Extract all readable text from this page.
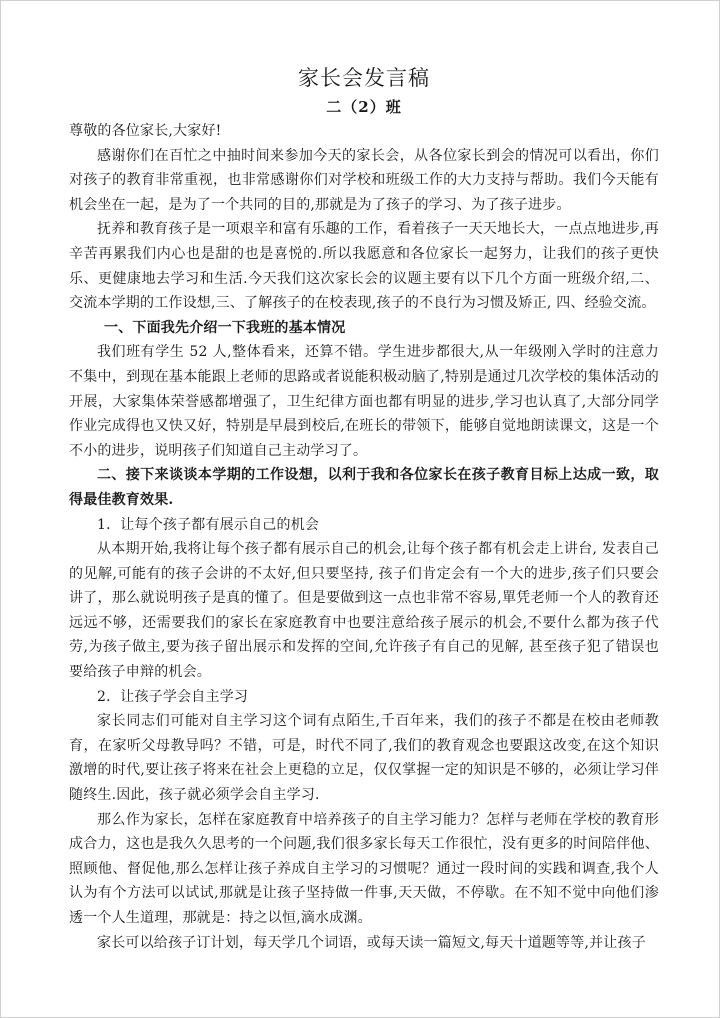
家长会发言稿

二（2）班

尊敬的各位家长,大家好!

感谢你们在百忙之中抽时间来参加今天的家长会，从各位家长到会的情况可以看出，你们对孩子的教育非常重视，也非常感谢你们对学校和班级工作的大力支持与帮助。我们今天能有机会坐在一起，是为了一个共同的目的,那就是为了孩子的学习、为了孩子进步。

抚养和教育孩子是一项艰辛和富有乐趣的工作，看着孩子一天天地长大，一点点地进步,再辛苦再累我们内心也是甜的也是喜悦的.所以我愿意和各位家长一起努力，让我们的孩子更快乐、更健康地去学习和生活.今天我们这次家长会的议题主要有以下几个方面一班级介绍,二、交流本学期的工作设想,三、了解孩子的在校表现,孩子的不良行为习惯及矫正, 四、经验交流。

一、下面我先介绍一下我班的基本情况

我们班有学生 52 人,整体看来，还算不错。学生进步都很大,从一年级刚入学时的注意力不集中，到现在基本能跟上老师的思路或者说能积极动脑了,特别是通过几次学校的集体活动的开展，大家集体荣誉感都增强了，卫生纪律方面也都有明显的进步,学习也认真了,大部分同学作业完成得也又快又好，特别是早晨到校后,在班长的带领下，能够自觉地朗读课文，这是一个不小的进步，说明孩子们知道自己主动学习了。

二、接下来谈谈本学期的工作设想，以利于我和各位家长在孩子教育目标上达成一致，取得最佳教育效果.

1．让每个孩子都有展示自己的机会

从本期开始,我将让每个孩子都有展示自己的机会,让每个孩子都有机会走上讲台, 发表自己的见解,可能有的孩子会讲的不太好,但只要坚持, 孩子们肯定会有一个大的进步,孩子们只要会讲了，那么就说明孩子是真的懂了。但是要做到这一点也非常不容易,單凭老师一个人的教育还远远不够，还需要我们的家长在家庭教育中也要注意给孩子展示的机会,不要什么都为孩子代劳,为孩子做主,要为孩子留出展示和发挥的空间,允许孩子有自己的见解, 甚至孩子犯了错误也要给孩子申辩的机会。

2．让孩子学会自主学习

家长同志们可能对自主学习这个词有点陌生,千百年来，我们的孩子不都是在校由老师教育，在家听父母教导吗？不错，可是，时代不同了,我们的教育观念也要跟这改变,在这个知识激增的时代,要让孩子将来在社会上更稳的立足，仅仅掌握一定的知识是不够的，必须让学习伴随终生.因此，孩子就必须学会自主学习.

那么作为家长，怎样在家庭教育中培养孩子的自主学习能力？怎样与老师在学校的教育形成合力，这也是我久久思考的一个问题,我们很多家长每天工作很忙，没有更多的时间陪伴他、照顾他、督促他,那么怎样让孩子养成自主学习的习惯呢？通过一段时间的实践和调查,我个人认为有个方法可以试试,那就是让孩子坚持做一件事,天天做，不停歇。在不知不觉中向他们渗透一个人生道理，那就是：持之以恒,滴水成渊。

家长可以给孩子订计划，每天学几个词语，或每天读一篇短文,每天十道题等等,并让孩子
